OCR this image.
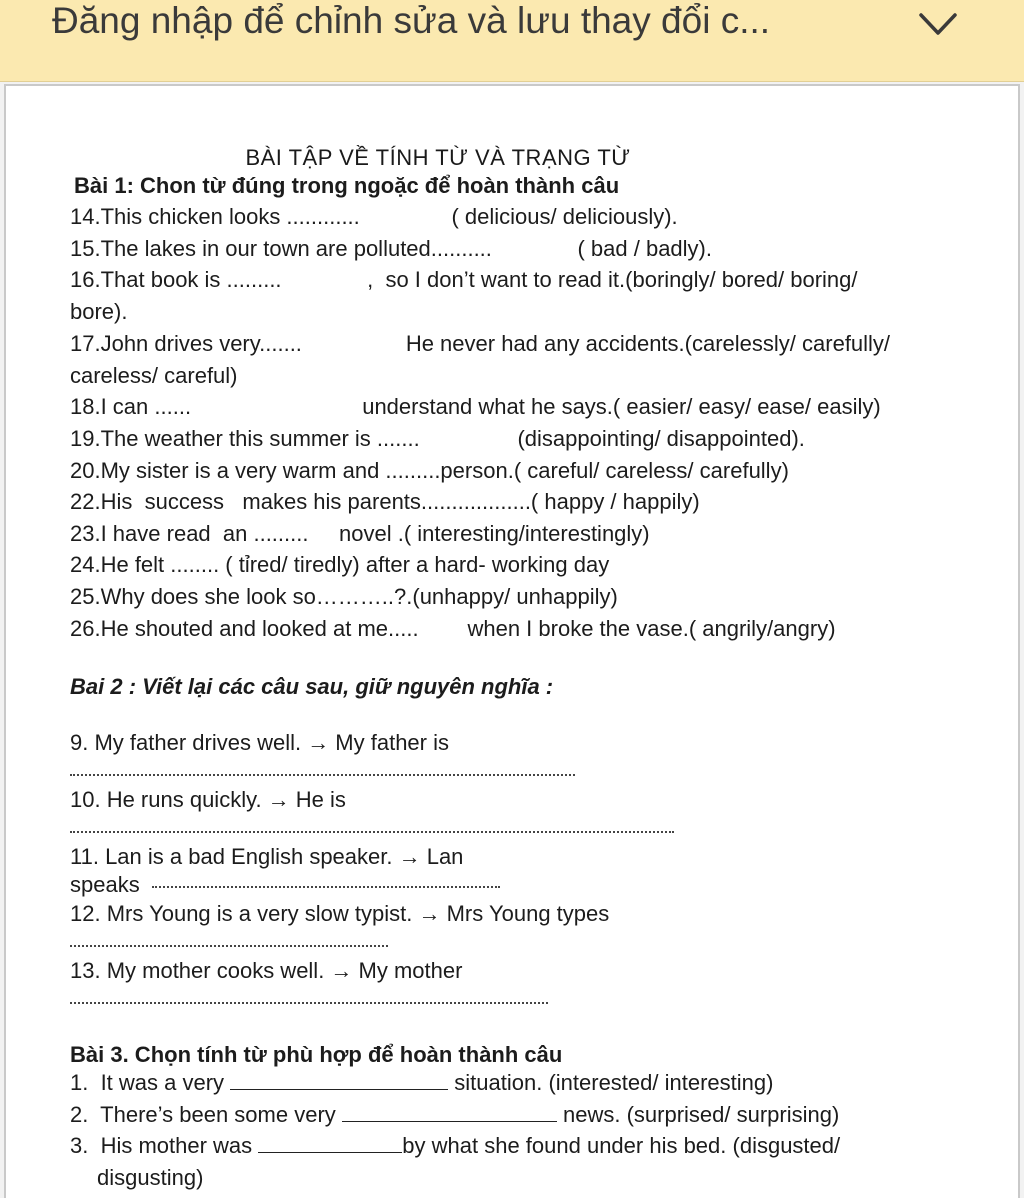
Đăng nhập để chỉnh sửa và lưu thay đổi c...
BÀI TẬP VỀ TÍNH TỪ VÀ TRẠNG TỪ
Bài 1: Chon từ đúng trong ngoặc để hoàn thành câu
14.This chicken looks ............               ( delicious/ deliciously).
15.The lakes in our town are polluted..........              ( bad / badly).
16.That book is .........              ,  so I don’t want to read it.(boringly/ bored/ boring/
bore).
17.John drives very.......                 He never had any accidents.(carelessly/ carefully/
careless/ careful)
18.I can ......                            understand what he says.( easier/ easy/ ease/ easily)
19.The weather this summer is .......                (disappointing/ disappointed).
20.My sister is a very warm and .........person.( careful/ careless/ carefully)
22.His  success   makes his parents..................( happy / happily)
23.I have read  an .........     novel .( interesting/interestingly)
24.He felt ........ ( tỉred/ tiredly) after a hard- working day
25.Why does she look so………..?.(unhappy/ unhappily)
26.He shouted and looked at me.....        when I broke the vase.( angrily/angry)
Bai 2 : Viết lại các câu sau, giữ nguyên nghĩa :
9. My father drives well. → My father is
10. He runs quickly. → He is
11. Lan is a bad English speaker. → Lan
speaks
12. Mrs Young is a very slow typist. → Mrs Young types
13. My mother cooks well. → My mother
Bài 3. Chọn tính từ phù hợp để hoàn thành câu
1.  It was a very	situation. (interested/ interesting)
2.  There’s been some very	news. (surprised/ surprising)
3.  His mother was	by what she found under his bed. (disgusted/
disgusting)
